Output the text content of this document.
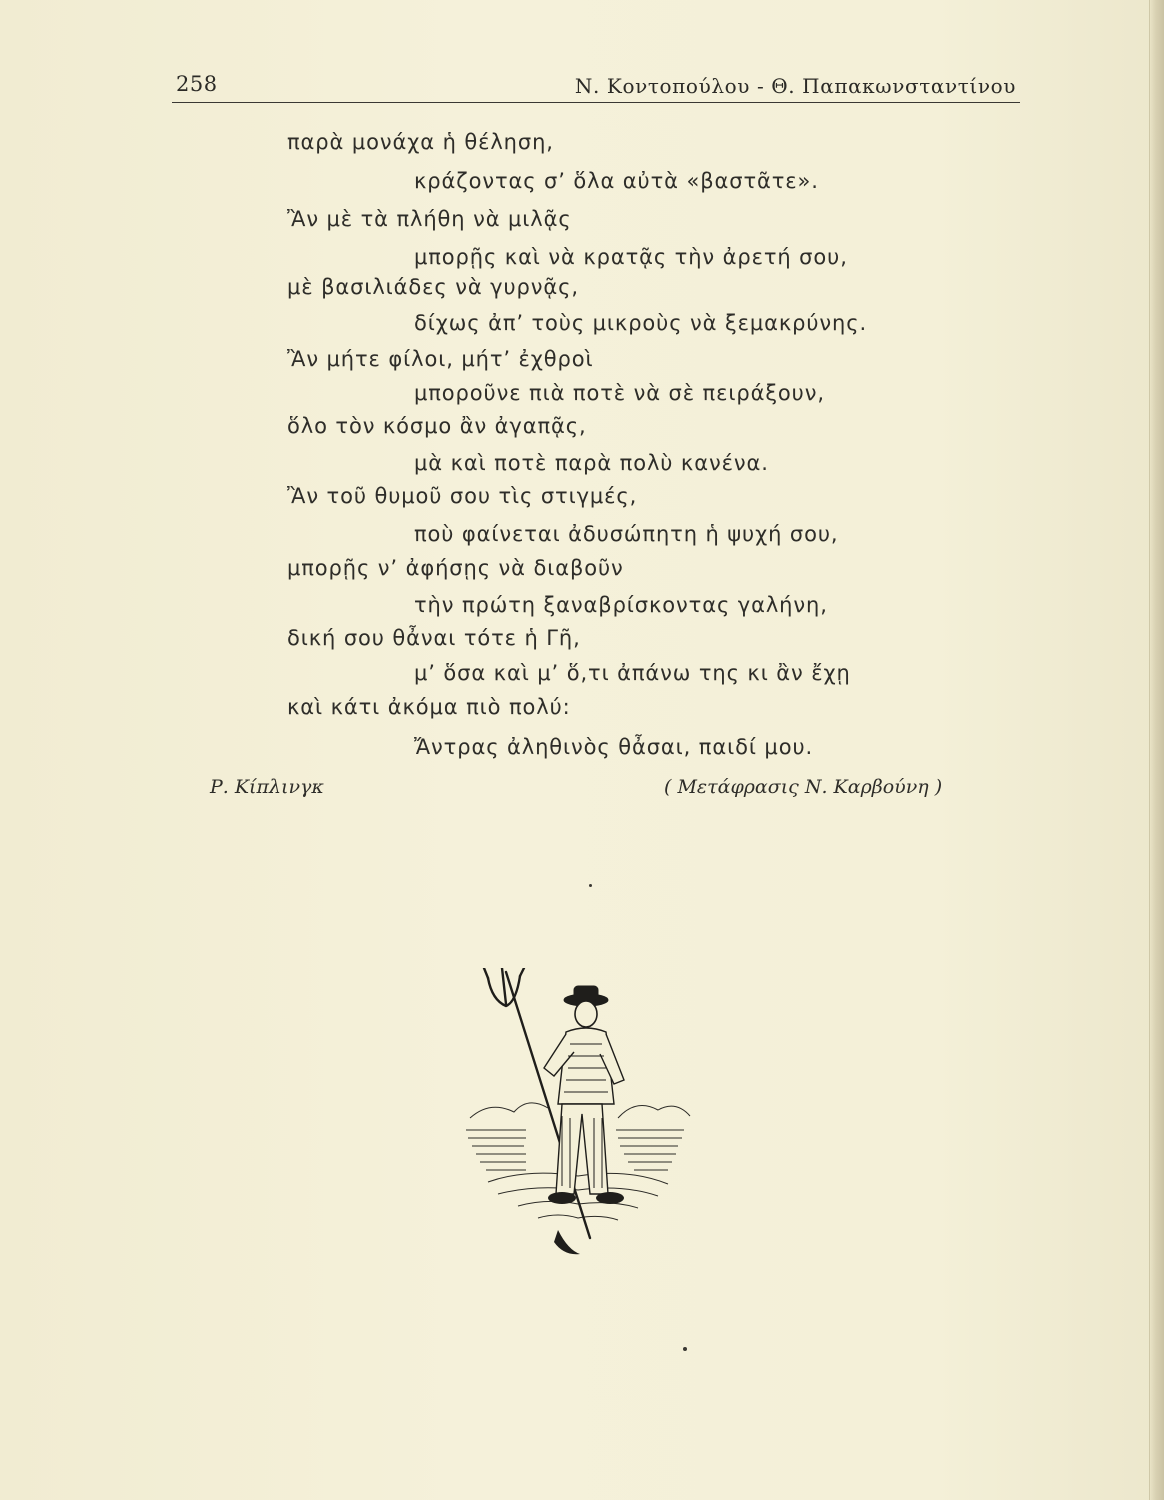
258	Ν. Κοντοπούλου - Θ. Παπακωνσταντίνου
παρὰ μονάχα ἡ θέληση,
κράζοντας σ’ ὅλα αὐτὰ «βαστᾶτε».
Ἂν μὲ τὰ πλήθη νὰ μιλᾷς
μπορῇς καὶ νὰ κρατᾷς τὴν ἀρετή σου,
μὲ βασιλιάδες νὰ γυρνᾷς,
δίχως ἀπ’ τοὺς μικροὺς νὰ ξεμακρύνης.
Ἂν μήτε φίλοι, μήτ’ ἐχθροὶ
μποροῦνε πιὰ ποτὲ νὰ σὲ πειράξουν,
ὅλο τὸν κόσμο ἂν ἀγαπᾷς,
μὰ καὶ ποτὲ παρὰ πολὺ κανένα.
Ἂν τοῦ θυμοῦ σου τὶς στιγμές,
ποὺ φαίνεται ἀδυσώπητη ἡ ψυχή σου,
μπορῇς ν’ ἀφήσῃς νὰ διαβοῦν
τὴν πρώτη ξαναβρίσκοντας γαλήνη,
δική σου θἆναι τότε ἡ Γῆ,
μ’ ὅσα καὶ μ’ ὅ,τι ἀπάνω της κι ἂν ἔχῃ
καὶ κάτι ἀκόμα πιὸ πολύ:
Ἄντρας ἀληθινὸς θἆσαι, παιδί μου.
Ρ. Κίπλινγκ	( Μετάφρασις Ν. Καρβούνη )
